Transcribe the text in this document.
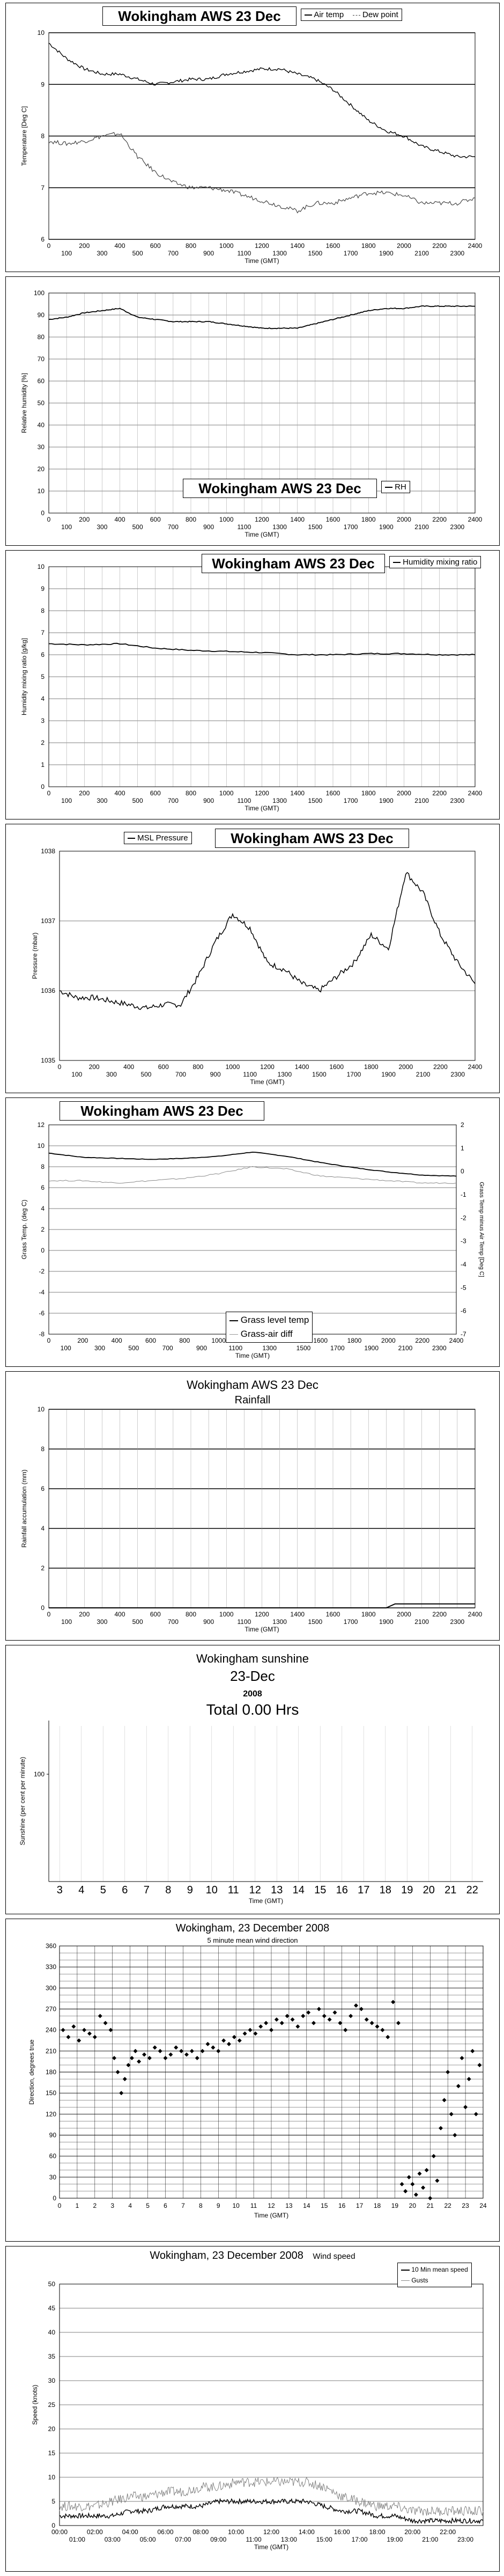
6
7
8
9
10
0	200	400	600	800	1000	1200	1400	1600	1800	2000	2200	2400
100	300	500	700	900	1100	1300	1500	1700	1900	2100	2300
Time (GMT)
Temperature [Deg C]
Wokingham AWS 23 Dec	Air temp Dew point
0
10
20
30
40
50
60
70
80
90
100
0	200	400	600	800	1000	1200	1400	1600	1800	2000	2200	2400
100	300	500	700	900	1100	1300	1500	1700	1900	2100	2300
Time (GMT)
Relative humidity [%]
Wokingham AWS 23 Dec	RH
0
1
2
3
4
5
6
7
8
9
10
0	200	400	600	800	1000	1200	1400	1600	1800	2000	2200	2400
100	300	500	700	900	1100	1300	1500	1700	1900	2100	2300
Time (GMT)
Humidity mixing ratio [g/kg]
Wokingham AWS 23 Dec	Humidity mixing ratio
1035
1036
1037
1038
0	200	400	600	800	1000	1200	1400	1600	1800	2000	2200	2400
100	300	500	700	900	1100	1300	1500	1700	1900	2100	2300
Time (GMT)
Pressure (mbar)
MSL Pressure	Wokingham AWS 23 Dec
-8
-6
-4
-2
0
2
4
6
8
10
12
-7
-6
-5
-4
-3
-2
-1
0
1
2
Grass Temp minus Air Temp [Deg C]
0	200	400	600	800	1000	1600	1800	2000	2200	2400
100	300	500	700	900	1100	1300	1500	1700	1900	2100	2300
Time (GMT)
Grass Temp. (deg C)
Wokingham AWS 23 Dec
Grass level temp
Grass-air diff
0
2
4
6
8
10
0	200	400	600	800	1000	1200	1400	1600	1800	2000	2200	2400
100	300	500	700	900	1100	1300	1500	1700	1900	2100	2300
Time (GMT)
Rainfall accumulation (mm)
Wokingham AWS 23 Dec
Rainfall
100
3 4 5 6 7 8 9 10 11 12 13 14 15 16 17 18 19 20 21 22
Time (GMT)
Sunshine (per cent per minute)
Wokingham sunshine
23-Dec
2008
Total 0.00 Hrs
0
30
60
90
120
150
180
210
240
270
300
330
360
0 1 2 3 4 5 6 7 8 9 10 11 12 13 14 15 16 17 18 19 20 21 22 23 24
Time (GMT)
Direction, degrees true
Wokingham, 23 December 2008
5 minute mean wind direction
0
5
10
15
20
25
30
35
40
45
50
00:00	02:00	04:00	06:00	08:00	10:00	12:00	14:00	16:00	18:00	20:00	22:00
01:00	03:00	05:00	07:00	09:00	11:00	13:00	15:00	17:00	19:00	21:00	23:00
Time (GMT)
Speed (knots)
Wokingham, 23 December 2008 Wind speed
10 Min mean speed
Gusts
